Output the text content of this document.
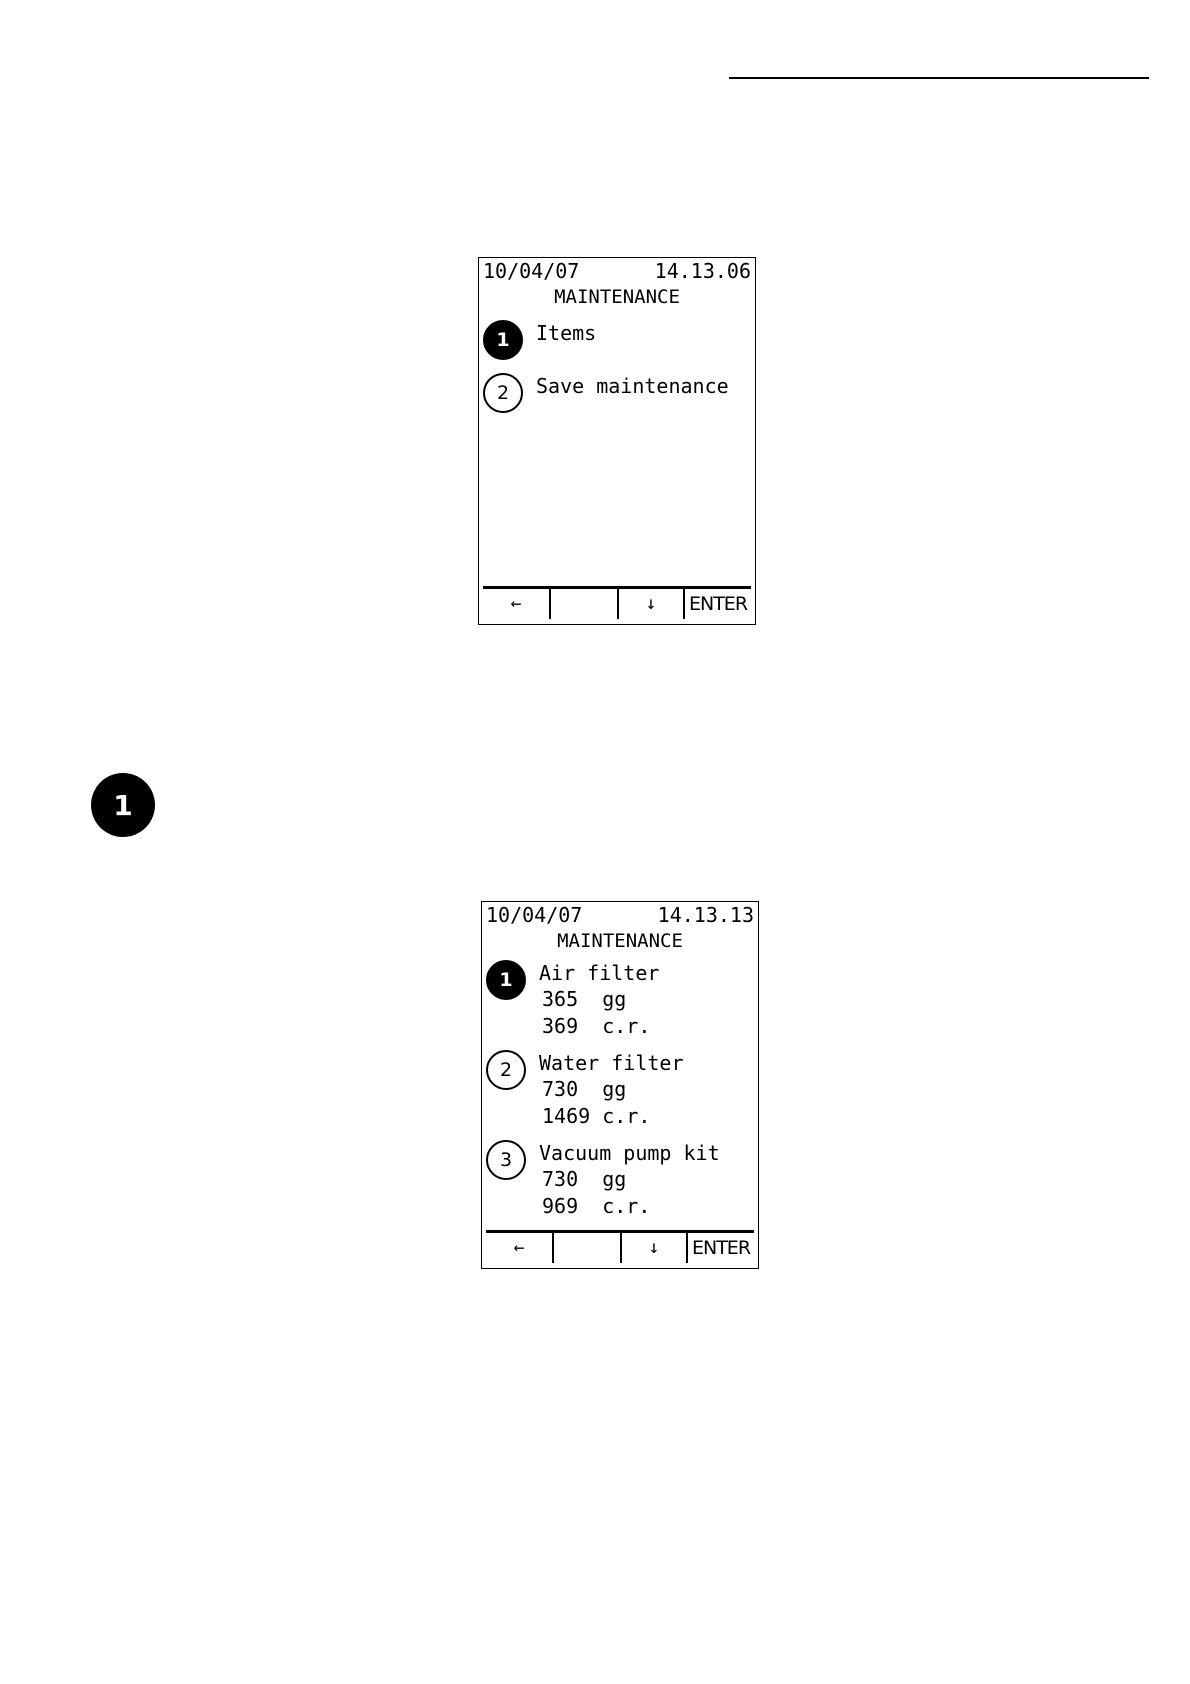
10/04/07	14.13.06
MAINTENANCE
1	Items
2	Save maintenance
←	↓	ENTER
1
10/04/07	14.13.13
MAINTENANCE
1	Air filter
365  gg
369  c.r.
2	Water filter
730  gg
1469 c.r.
3	Vacuum pump kit
730  gg
969  c.r.
←	↓	ENTER
